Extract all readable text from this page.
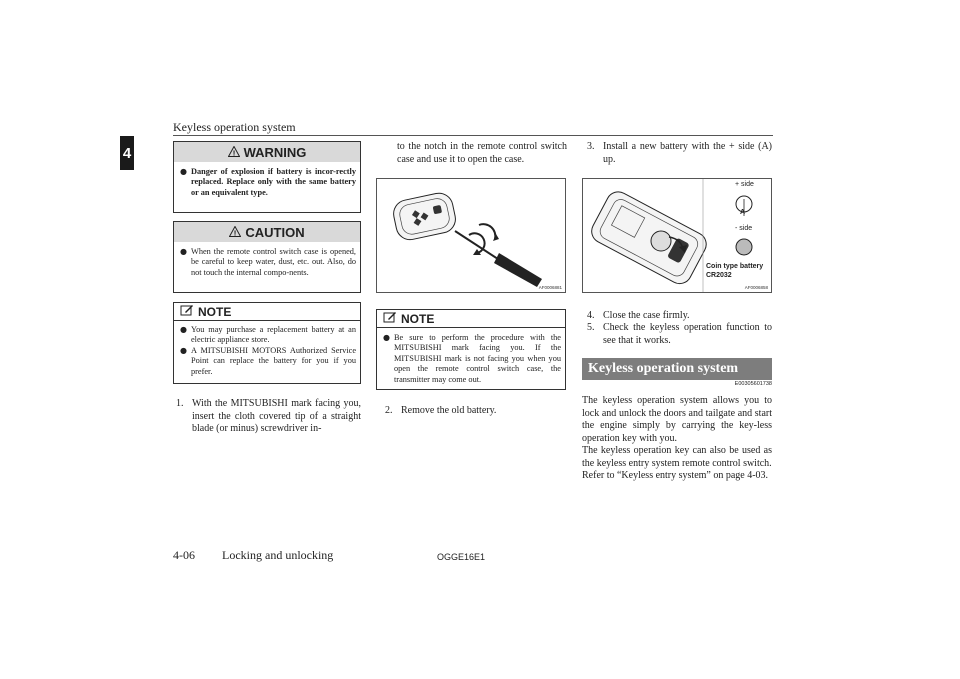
Keyless operation system
4	! WARNING
● Danger of explosion if battery is incor-rectly replaced. Replace only with the same battery or an equivalent type.
! CAUTION
● When the remote control switch case is opened, be careful to keep water, dust, etc. out. Also, do not touch the internal compo-nents.
NOTE
● You may purchase a replacement battery at an electric appliance store.
● A MITSUBISHI MOTORS Authorized Service Point can replace the battery for you if you prefer.
1. With the MITSUBISHI mark facing you, insert the cloth covered tip of a straight blade (or minus) screwdriver in-
to the notch in the remote control switch case and use it to open the case.
AF0006881
NOTE
● Be sure to perform the procedure with the MITSUBISHI mark facing you. If the MITSUBISHI mark is not facing you when you open the remote control switch case, the transmitter may come out.
2. Remove the old battery.
3. Install a new battery with the + side (A) up.
+ side
A
- side
Coin type battery
CR2032
AF0006858
4. Close the case firmly.
5. Check the keyless operation function to see that it works.
Keyless operation system
E00305601738
The keyless operation system allows you to lock and unlock the doors and tailgate and start the engine simply by carrying the key-less operation key with you.
The keyless operation key can also be used as the keyless entry system remote control switch.
Refer to “Keyless entry system” on page 4-03.
4-06 Locking and unlocking	OGGE16E1
